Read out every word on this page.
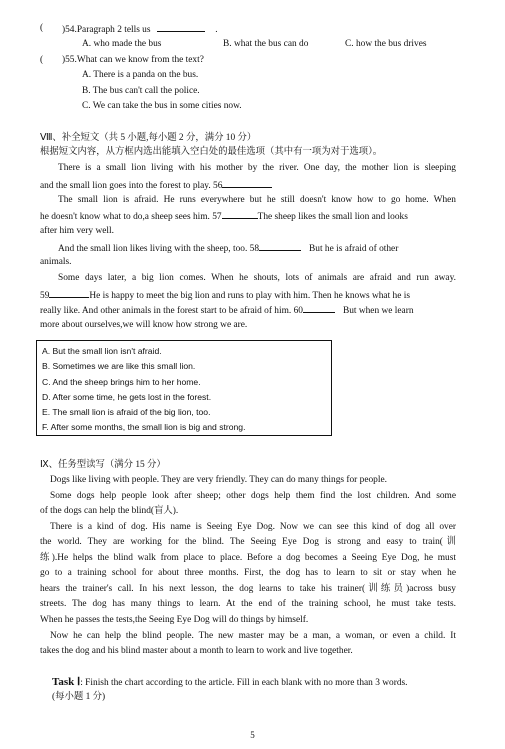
( )54.Paragraph 2 tells us	.
A. who made the bus	B. what the bus can do	C. how the bus drives
( )55.What can we know from the text?
A. There is a panda on the bus.
B. The bus can't call the police.
C. We can take the bus in some cities now.
Ⅷ、补全短文（共 5 小题,每小题 2 分，满分 10 分）
根据短文内容，从方框内选出能填入空白处的最佳选项（其中有一项为对于选项）。
There is a small lion living with his mother by the river. One day, the mother lion is sleeping
and the small lion goes into the forest to play. 56
The small lion is afraid. He runs everywhere but he still doesn't know how to go home. When
he doesn't know what to do,a sheep sees him. 57	The sheep likes the small lion and looks
after him very well.
And the small lion likes living with the sheep, too. 58	But he is afraid of other
animals.
Some days later, a big lion comes. When he shouts, lots of animals are afraid and run away.
59	He is happy to meet the big lion and runs to play with him. Then he knows what he is
really like. And other animals in the forest start to be afraid of him. 60	But when we learn
more about ourselves,we will know how strong we are.
A. But the small lion isn't afraid.
B. Sometimes we are like this small lion.
C. And the sheep brings him to her home.
D. After some time, he gets lost in the forest.
E. The small lion is afraid of the big lion, too.
F. After some months, the small lion is big and strong.
Ⅸ、任务型读写（满分 15 分）
Dogs like living with people. They are very friendly. They can do many things for people.
Some dogs help people look after sheep; other dogs help them find the lost children. And some
of the dogs can help the blind(盲人).
There is a kind of dog. His name is Seeing Eye Dog. Now we can see this kind of dog all over
the world. They are working for the blind. The Seeing Eye Dog is strong and easy to train(训
练).He helps the blind walk from place to place. Before a dog becomes a Seeing Eye Dog, he must
go to a training school for about three months. First, the dog has to learn to sit or stay when he
hears the trainer's call. In his next lesson, the dog learns to take his trainer(训练员)across busy
streets. The dog has many things to learn. At the end of the training school, he must take tests.
When he passes the tests,the Seeing Eye Dog will do things by himself.
Now he can help the blind people. The new master may be a man, a woman, or even a child. It
takes the dog and his blind master about a month to learn to work and live together.
Task Ⅰ: Finish the chart according to the article. Fill in each blank with no more than 3 words.
(每小题 1 分)
5
